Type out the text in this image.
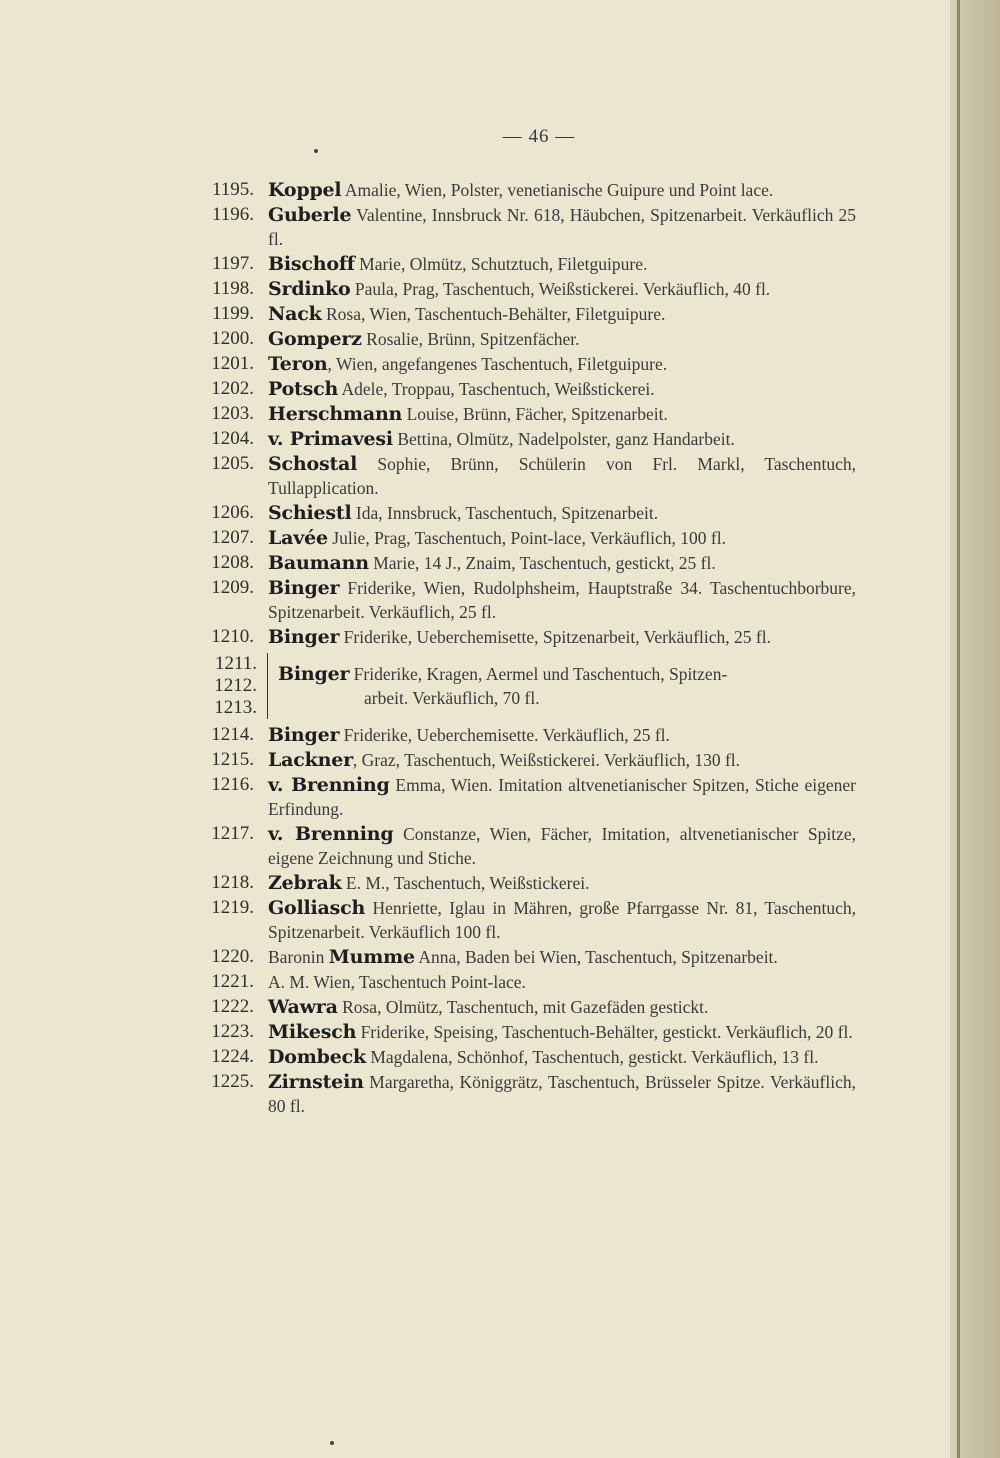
— 46 —
1195. Koppel Amalie, Wien, Polster, venetianische Guipure und Point lace.
1196. Guberle Valentine, Innsbruck Nr. 618, Häubchen, Spitzenarbeit. Verkäuflich 25 fl.
1197. Bischoff Marie, Olmütz, Schutztuch, Filetguipure.
1198. Srdinko Paula, Prag, Taschentuch, Weißstickerei. Verkäuflich, 40 fl.
1199. Nack Rosa, Wien, Taschentuch-Behälter, Filetguipure.
1200. Gomperz Rosalie, Brünn, Spitzenfächer.
1201. Teron, Wien, angefangenes Taschentuch, Filetguipure.
1202. Potsch Adele, Troppau, Taschentuch, Weißstickerei.
1203. Herschmann Louise, Brünn, Fächer, Spitzenarbeit.
1204. v. Primavesi Bettina, Olmütz, Nadelpolster, ganz Handarbeit.
1205. Schostal Sophie, Brünn, Schülerin von Frl. Markl, Taschentuch, Tullapplication.
1206. Schiestl Ida, Innsbruck, Taschentuch, Spitzenarbeit.
1207. Lavée Julie, Prag, Taschentuch, Point-lace, Verkäuflich, 100 fl.
1208. Baumann Marie, 14 J., Znaim, Taschentuch, gestickt, 25 fl.
1209. Binger Friderike, Wien, Rudolphsheim, Hauptstraße 34. Taschentuchborbure, Spitzenarbeit. Verkäuflich, 25 fl.
1210. Binger Friderike, Ueberchemisette, Spitzenarbeit, Verkäuflich, 25 fl.
1211.
1212.
1213.
Binger Friderike, Kragen, Aermel und Taschentuch, Spitzen-
arbeit. Verkäuflich, 70 fl.
1214. Binger Friderike, Ueberchemisette. Verkäuflich, 25 fl.
1215. Lackner, Graz, Taschentuch, Weißstickerei. Verkäuflich, 130 fl.
1216. v. Brenning Emma, Wien. Imitation altvenetianischer Spitzen, Stiche eigener Erfindung.
1217. v. Brenning Constanze, Wien, Fächer, Imitation, altvenetianischer Spitze, eigene Zeichnung und Stiche.
1218. Zebrak E. M., Taschentuch, Weißstickerei.
1219. Golliasch Henriette, Iglau in Mähren, große Pfarrgasse Nr. 81, Taschentuch, Spitzenarbeit. Verkäuflich 100 fl.
1220. Baronin Mumme Anna, Baden bei Wien, Taschentuch, Spitzenarbeit.
1221. A. M. Wien, Taschentuch Point-lace.
1222. Wawra Rosa, Olmütz, Taschentuch, mit Gazefäden gestickt.
1223. Mikesch Friderike, Speising, Taschentuch-Behälter, gestickt. Verkäuflich, 20 fl.
1224. Dombeck Magdalena, Schönhof, Taschentuch, gestickt. Verkäuflich, 13 fl.
1225. Zirnstein Margaretha, Königgrätz, Taschentuch, Brüsseler Spitze. Verkäuflich, 80 fl.
